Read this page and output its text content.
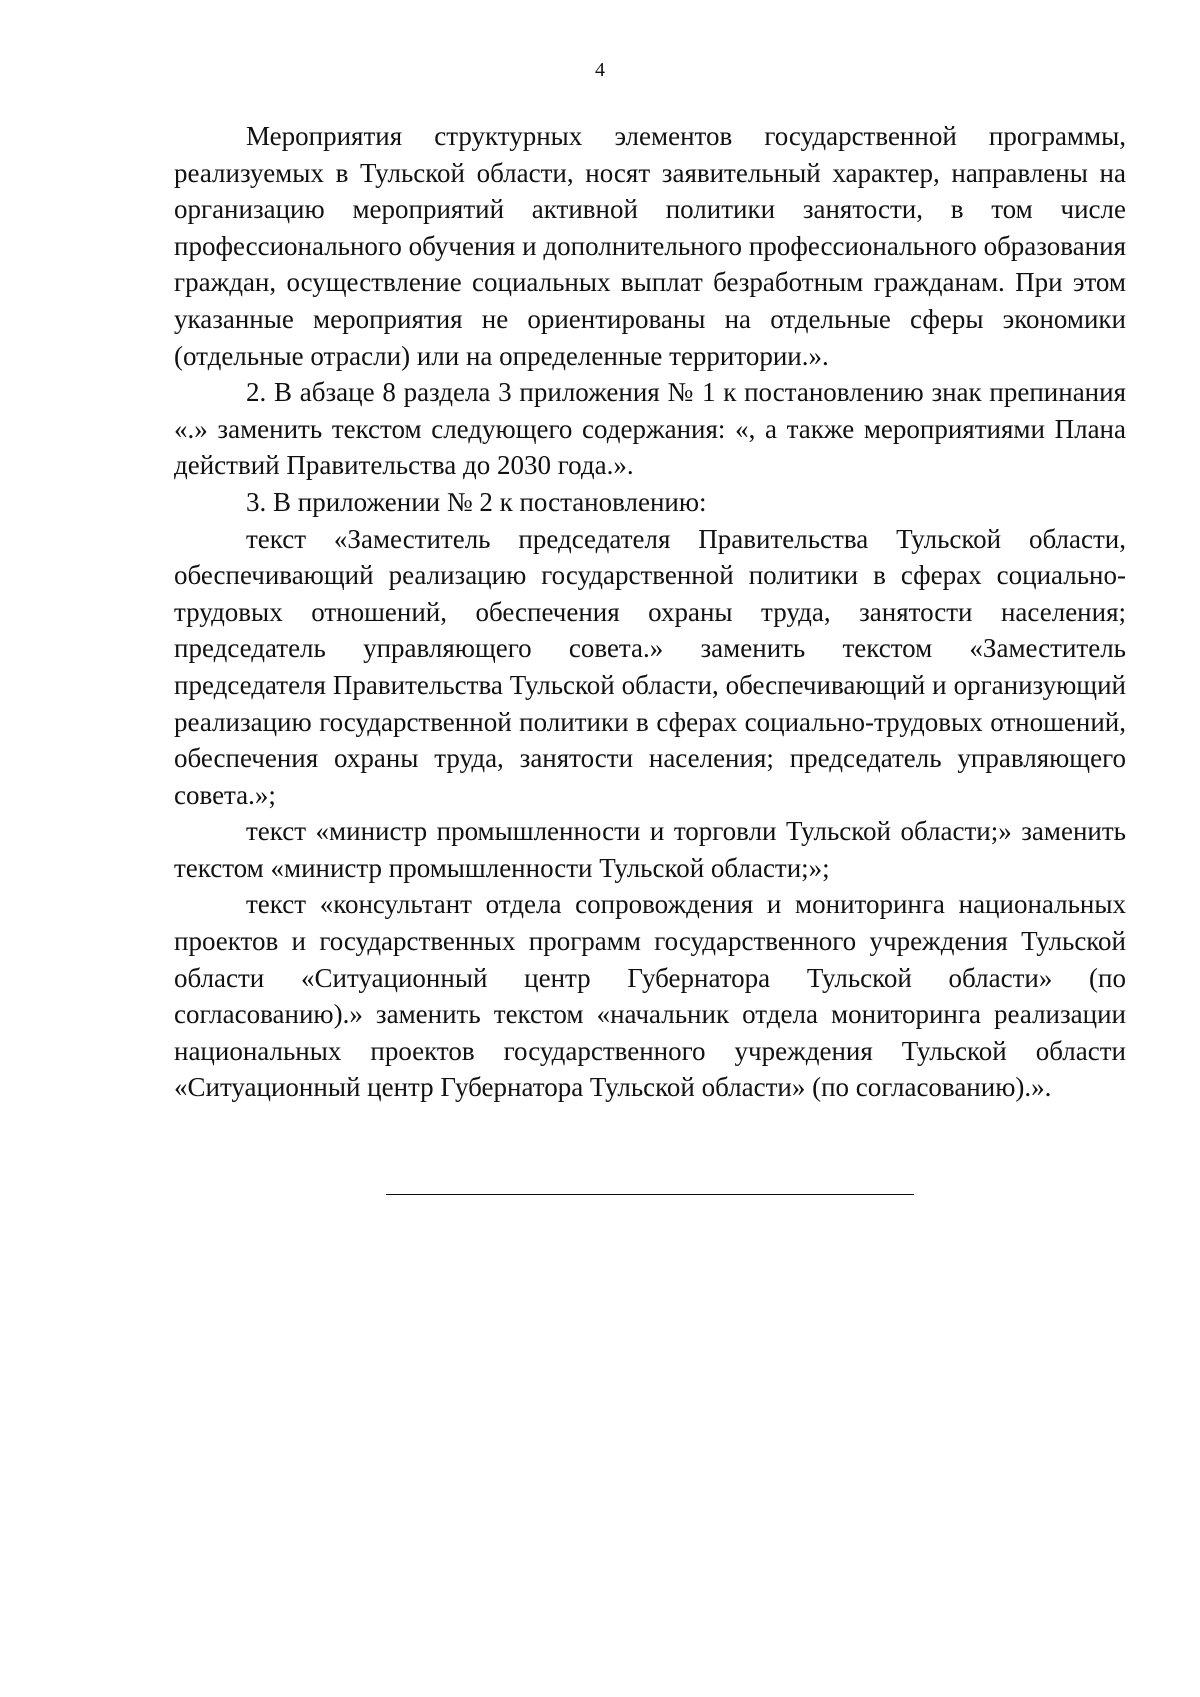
4

Мероприятия структурных элементов государственной программы, реализуемых в Тульской области, носят заявительный характер, направлены на организацию мероприятий активной политики занятости, в том числе профессионального обучения и дополнительного профессионального образования граждан, осуществление социальных выплат безработным гражданам. При этом указанные мероприятия не ориентированы на отдельные сферы экономики (отдельные отрасли) или на определенные территории.».

2. В абзаце 8 раздела 3 приложения № 1 к постановлению знак препинания «.» заменить текстом следующего содержания: «, а также мероприятиями Плана действий Правительства до 2030 года.».

3. В приложении № 2 к постановлению:

текст «Заместитель председателя Правительства Тульской области, обеспечивающий реализацию государственной политики в сферах социально-трудовых отношений, обеспечения охраны труда, занятости населения; председатель управляющего совета.» заменить текстом «Заместитель председателя Правительства Тульской области, обеспечивающий и организующий реализацию государственной политики в сферах социально-трудовых отношений, обеспечения охраны труда, занятости населения; председатель управляющего совета.»;

текст «министр промышленности и торговли Тульской области;» заменить текстом «министр промышленности Тульской области;»;

текст «консультант отдела сопровождения и мониторинга национальных проектов и государственных программ государственного учреждения Тульской области «Ситуационный центр Губернатора Тульской области» (по согласованию).» заменить текстом «начальник отдела мониторинга реализации национальных проектов государственного учреждения Тульской области «Ситуационный центр Губернатора Тульской области» (по согласованию).».
